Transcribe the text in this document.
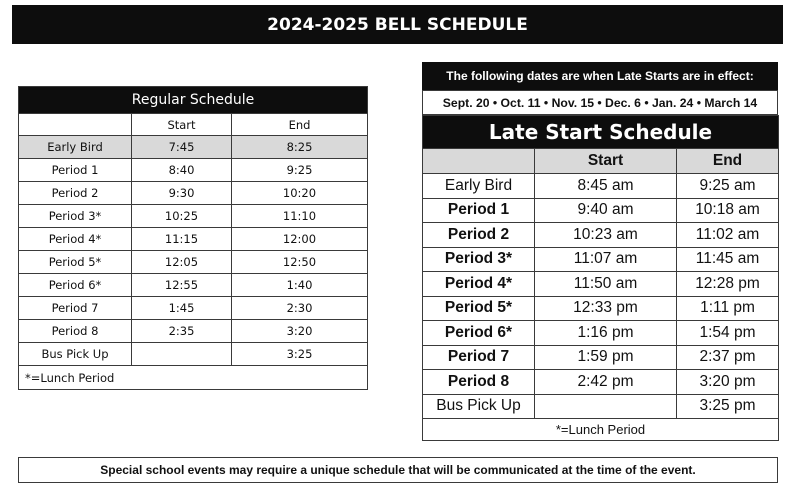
2024-2025 BELL SCHEDULE
Regular Schedule		
	Start	End
Early Bird	7:45	8:25
Period 1	8:40	9:25
Period 2	9:30	10:20
Period 3*	10:25	11:10
Period 4*	11:15	12:00
Period 5*	12:05	12:50
Period 6*	12:55	1:40
Period 7	1:45	2:30
Period 8	2:35	3:20
Bus Pick Up		3:25
*=Lunch Period		
The following dates are when Late Starts are in effect:
Sept. 20 • Oct. 11 • Nov. 15 • Dec. 6 • Jan. 24 • March 14
Late Start Schedule		
	Start	End
Early Bird	8:45 am	9:25 am
Period 1	9:40 am	10:18 am
Period 2	10:23 am	11:02 am
Period 3*	11:07 am	11:45 am
Period 4*	11:50 am	12:28 pm
Period 5*	12:33 pm	1:11 pm
Period 6*	1:16 pm	1:54 pm
Period 7	1:59 pm	2:37 pm
Period 8	2:42 pm	3:20 pm
Bus Pick Up		3:25 pm
*=Lunch Period		
Special school events may require a unique schedule that will be communicated at the time of the event.
